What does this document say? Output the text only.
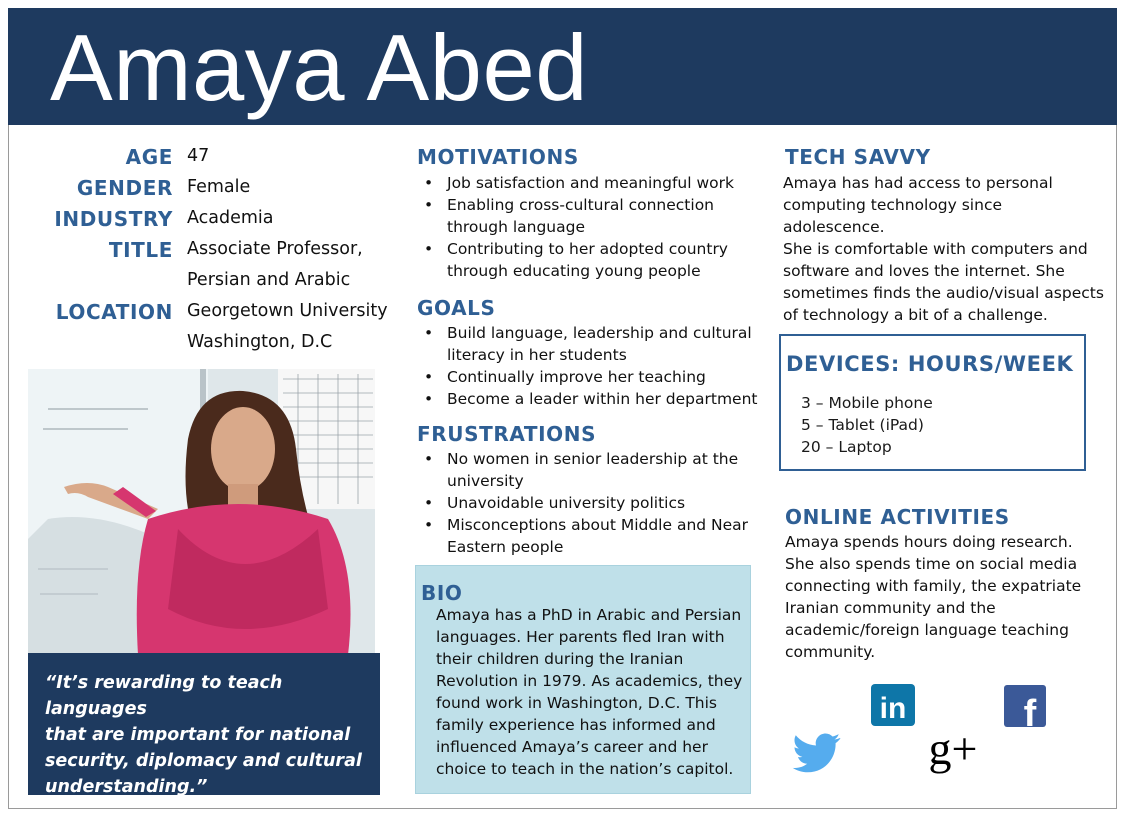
Amaya Abed
AGE 47
GENDER Female
INDUSTRY Academia
TITLE Associate Professor,
Persian and Arabic
LOCATION Georgetown University
Washington, D.C
“It’s rewarding to teach languages
that are important for national
security, diplomacy and cultural
understanding.”
MOTIVATIONS
• Job satisfaction and meaningful work
• Enabling cross-cultural connection through language
• Contributing to her adopted country through educating young people
GOALS
• Build language, leadership and cultural literacy in her students
• Continually improve her teaching
• Become a leader within her department
FRUSTRATIONS
• No women in senior leadership at the university
• Unavoidable university politics
• Misconceptions about Middle and Near Eastern people
BIO
Amaya has a PhD in Arabic and Persian
languages. Her parents fled Iran with
their children during the Iranian
Revolution in 1979. As academics, they
found work in Washington, D.C. This
family experience has informed and
influenced Amaya’s career and her
choice to teach in the nation’s capitol.
TECH SAVVY
Amaya has had access to personal
computing technology since adolescence.
She is comfortable with computers and
software and loves the internet. She
sometimes finds the audio/visual aspects
of technology a bit of a challenge.
DEVICES: HOURS/WEEK
3 – Mobile phone
5 – Tablet (iPad)
20 – Laptop
ONLINE ACTIVITIES
Amaya spends hours doing research.
She also spends time on social media
connecting with family, the expatriate
Iranian community and the
academic/foreign language teaching
community.
in
g+
f
